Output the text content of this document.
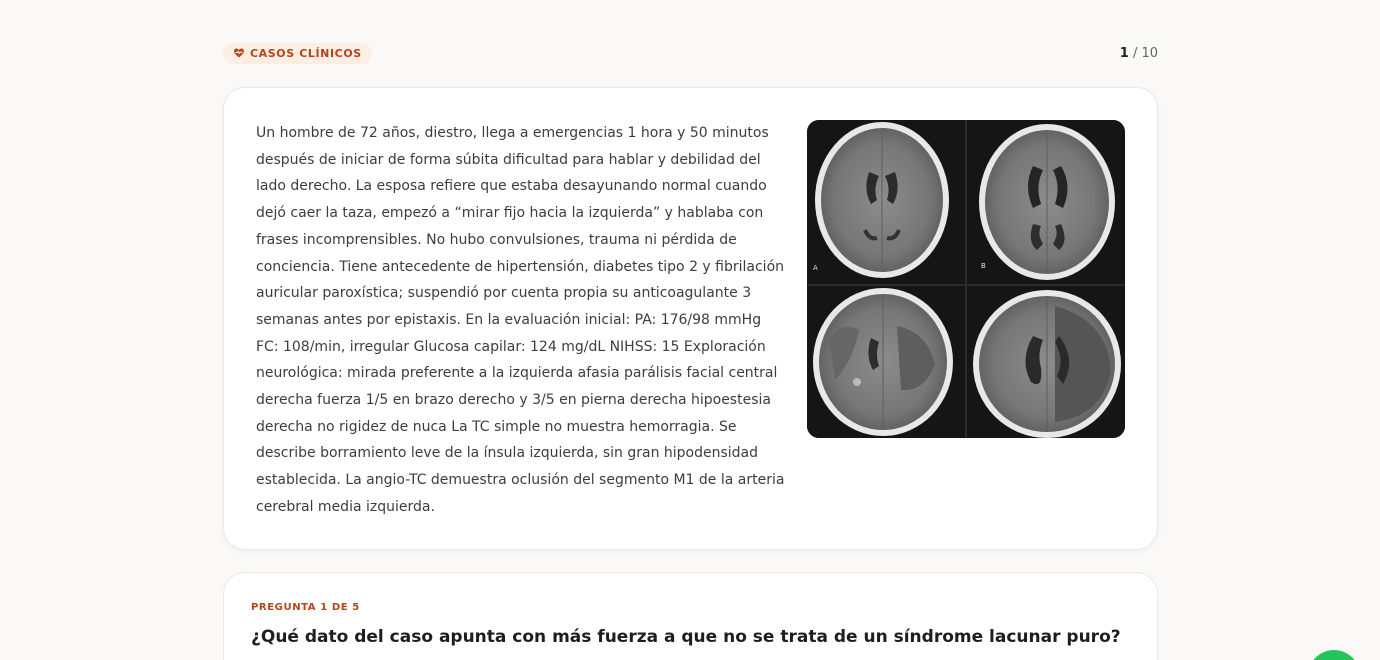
CASOS CLÍNICOS	1 / 10

Un hombre de 72 años, diestro, llega a emergencias 1 hora y 50 minutos después de iniciar de forma súbita dificultad para hablar y debilidad del lado derecho. La esposa refiere que estaba desayunando normal cuando dejó caer la taza, empezó a “mirar fijo hacia la izquierda” y hablaba con frases incomprensibles. No hubo convulsiones, trauma ni pérdida de conciencia. Tiene antecedente de hipertensión, diabetes tipo 2 y fibrilación auricular paroxística; suspendió por cuenta propia su anticoagulante 3 semanas antes por epistaxis. En la evaluación inicial: PA: 176/98 mmHg FC: 108/min, irregular Glucosa capilar: 124 mg/dL NIHSS: 15 Exploración neurológica: mirada preferente a la izquierda afasia parálisis facial central derecha fuerza 1/5 en brazo derecho y 3/5 en pierna derecha hipoestesia derecha no rigidez de nuca La TC simple no muestra hemorragia. Se describe borramiento leve de la ínsula izquierda, sin gran hipodensidad establecida. La angio-TC demuestra oclusión del segmento M1 de la arteria cerebral media izquierda.

A	B
PREGUNTA 1 DE 5
¿Qué dato del caso apunta con más fuerza a que no se trata de un síndrome lacunar puro?
